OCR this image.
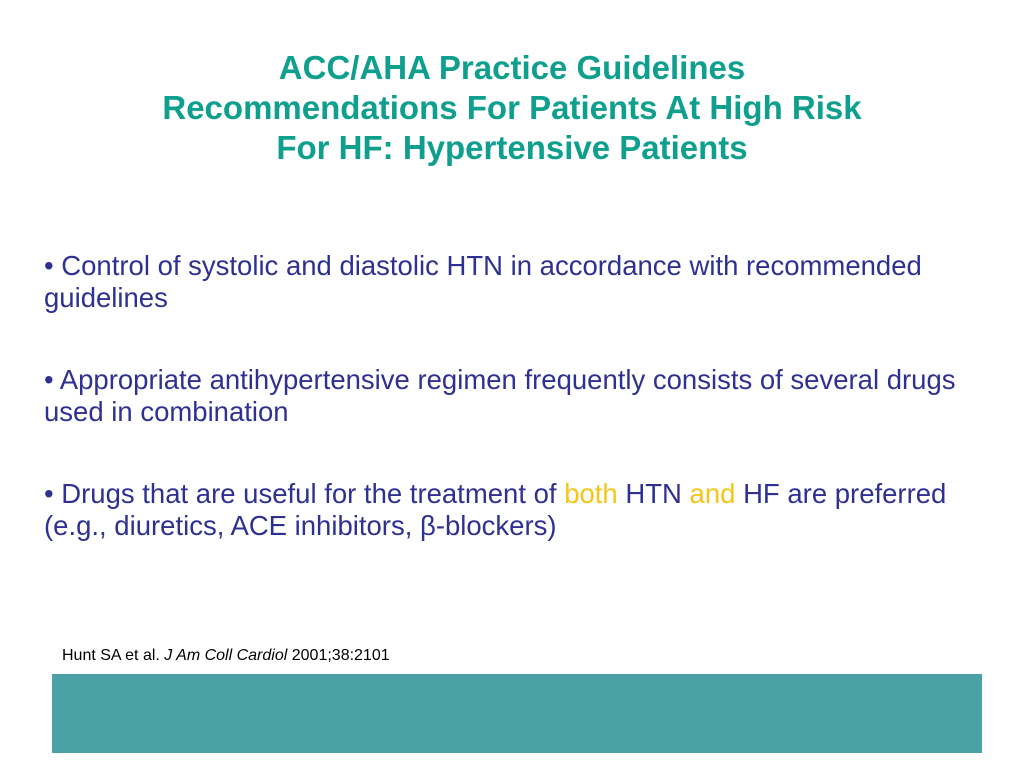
ACC/AHA Practice Guidelines
Recommendations For Patients At High Risk
For HF: Hypertensive Patients

• Control of systolic and diastolic HTN in accordance with recommended guidelines

• Appropriate antihypertensive regimen frequently consists of several drugs used in combination

• Drugs that are useful for the treatment of both HTN and HF are preferred (e.g., diuretics, ACE inhibitors, β-blockers)

Hunt SA et al. J Am Coll Cardiol 2001;38:2101
